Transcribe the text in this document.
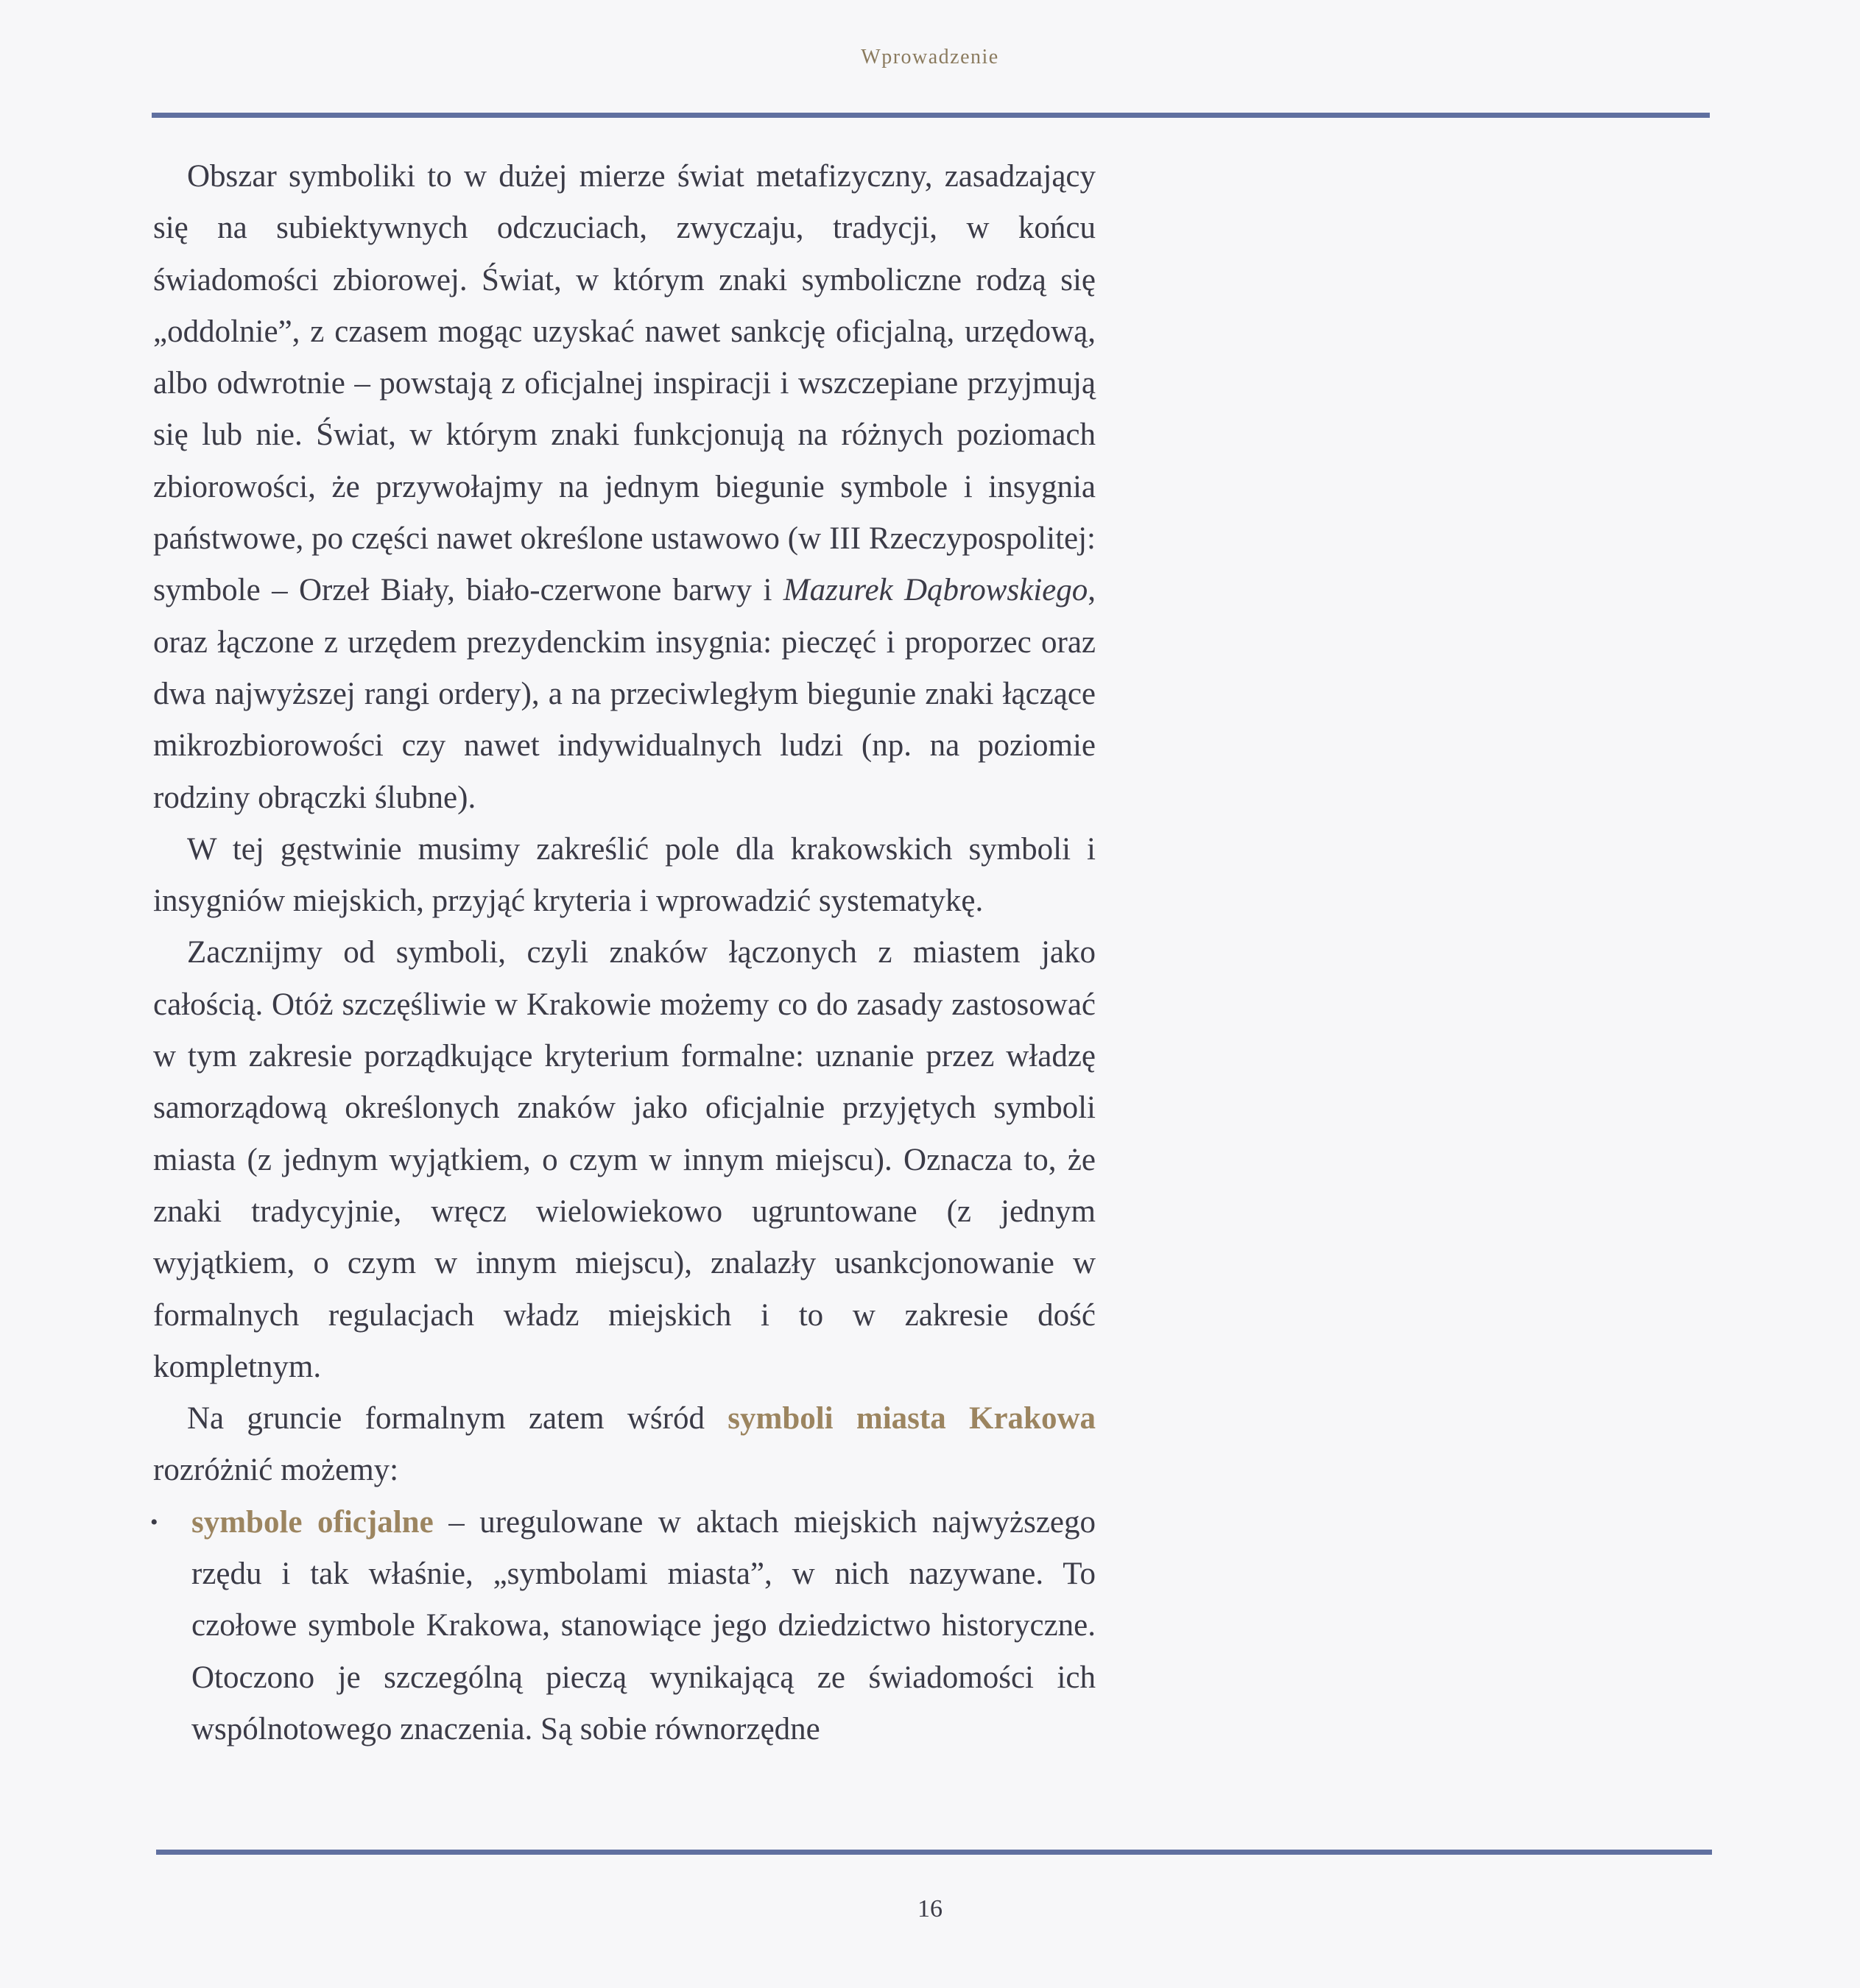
Wprowadzenie

Obszar symboliki to w dużej mierze świat metafizyczny, zasadzający się na subiektywnych odczuciach, zwyczaju, tradycji, w końcu świadomości zbiorowej. Świat, w którym znaki symboliczne rodzą się „oddolnie”, z czasem mogąc uzyskać nawet sankcję oficjalną, urzędową, albo odwrotnie – powstają z oficjalnej inspiracji i wszczepiane przyjmują się lub nie. Świat, w którym znaki funkcjonują na różnych poziomach zbiorowości, że przywołajmy na jednym biegunie symbole i insygnia państwowe, po części nawet określone ustawowo (w III Rzeczypospolitej: symbole – Orzeł Biały, biało-czerwone barwy i Mazurek Dąbrowskiego, oraz łączone z urzędem prezydenckim insygnia: pieczęć i proporzec oraz dwa najwyższej rangi ordery), a na przeciwległym biegunie znaki łączące mikrozbiorowości czy nawet indywidualnych ludzi (np. na poziomie rodziny obrączki ślubne).

W tej gęstwinie musimy zakreślić pole dla krakowskich symboli i insygniów miejskich, przyjąć kryteria i wprowadzić systematykę.

Zacznijmy od symboli, czyli znaków łączonych z miastem jako całością. Otóż szczęśliwie w Krakowie możemy co do zasady zastosować w tym zakresie porządkujące kryterium formalne: uznanie przez władzę samorządową określonych znaków jako oficjalnie przyjętych symboli miasta (z jednym wyjątkiem, o czym w innym miejscu). Oznacza to, że znaki tradycyjnie, wręcz wielowiekowo ugruntowane (z jednym wyjątkiem, o czym w innym miejscu), znalazły usankcjonowanie w formalnych regulacjach władz miejskich i to w zakresie dość kompletnym.

Na gruncie formalnym zatem wśród symboli miasta Krakowa rozróżnić możemy:

• symbole oficjalne – uregulowane w aktach miejskich najwyższego rzędu i tak właśnie, „symbolami miasta”, w nich nazywane. To czołowe symbole Krakowa, stanowiące jego dziedzictwo historyczne. Otoczono je szczególną pieczą wynikającą ze świadomości ich wspólnotowego znaczenia. Są sobie równorzędne

16
